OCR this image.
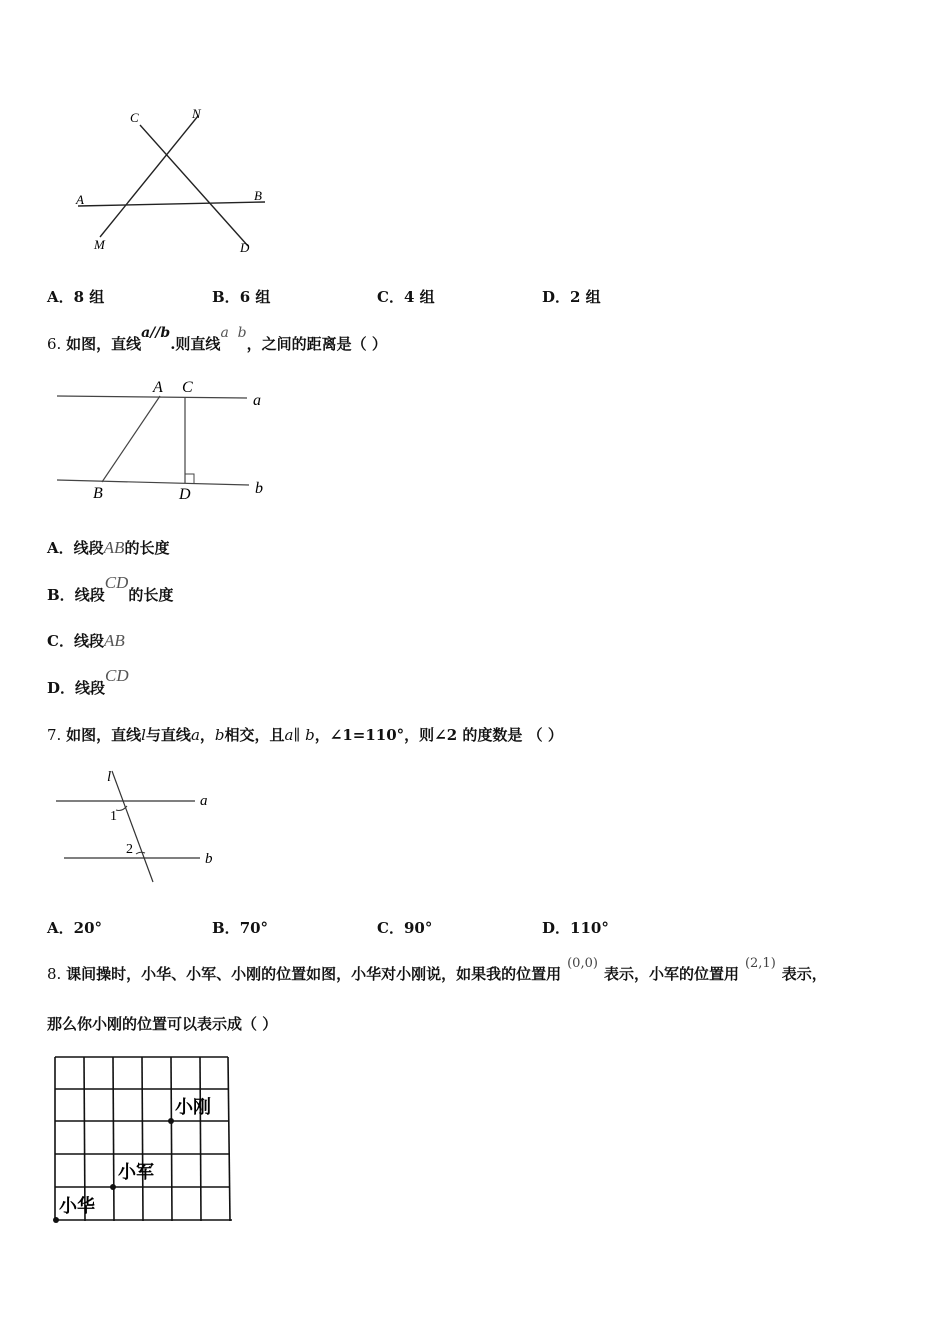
C	N
A	B
M	D
A．8 组	B．6 组	C．4 组	D．2 组
6. 如图，直线a//b.则直线a  b，之间的距离是（ ）
A C
a
B	D	b
A．线段AB的长度
B．线段CD的长度
C．线段AB
D．线段CD
7. 如图，直线l与直线a，b相交，且a∥ b，∠1=110°，则∠2 的度数是 （ ）
l
a
1
2
b
A．20°	B．70°	C．90°	D．110°
8. 课间操时，小华、小军、小刚的位置如图，小华对小刚说，如果我的位置用(0,0)表示，小军的位置用(2,1)表示，
那么你小刚的位置可以表示成（ ）
小刚
小军
小华
